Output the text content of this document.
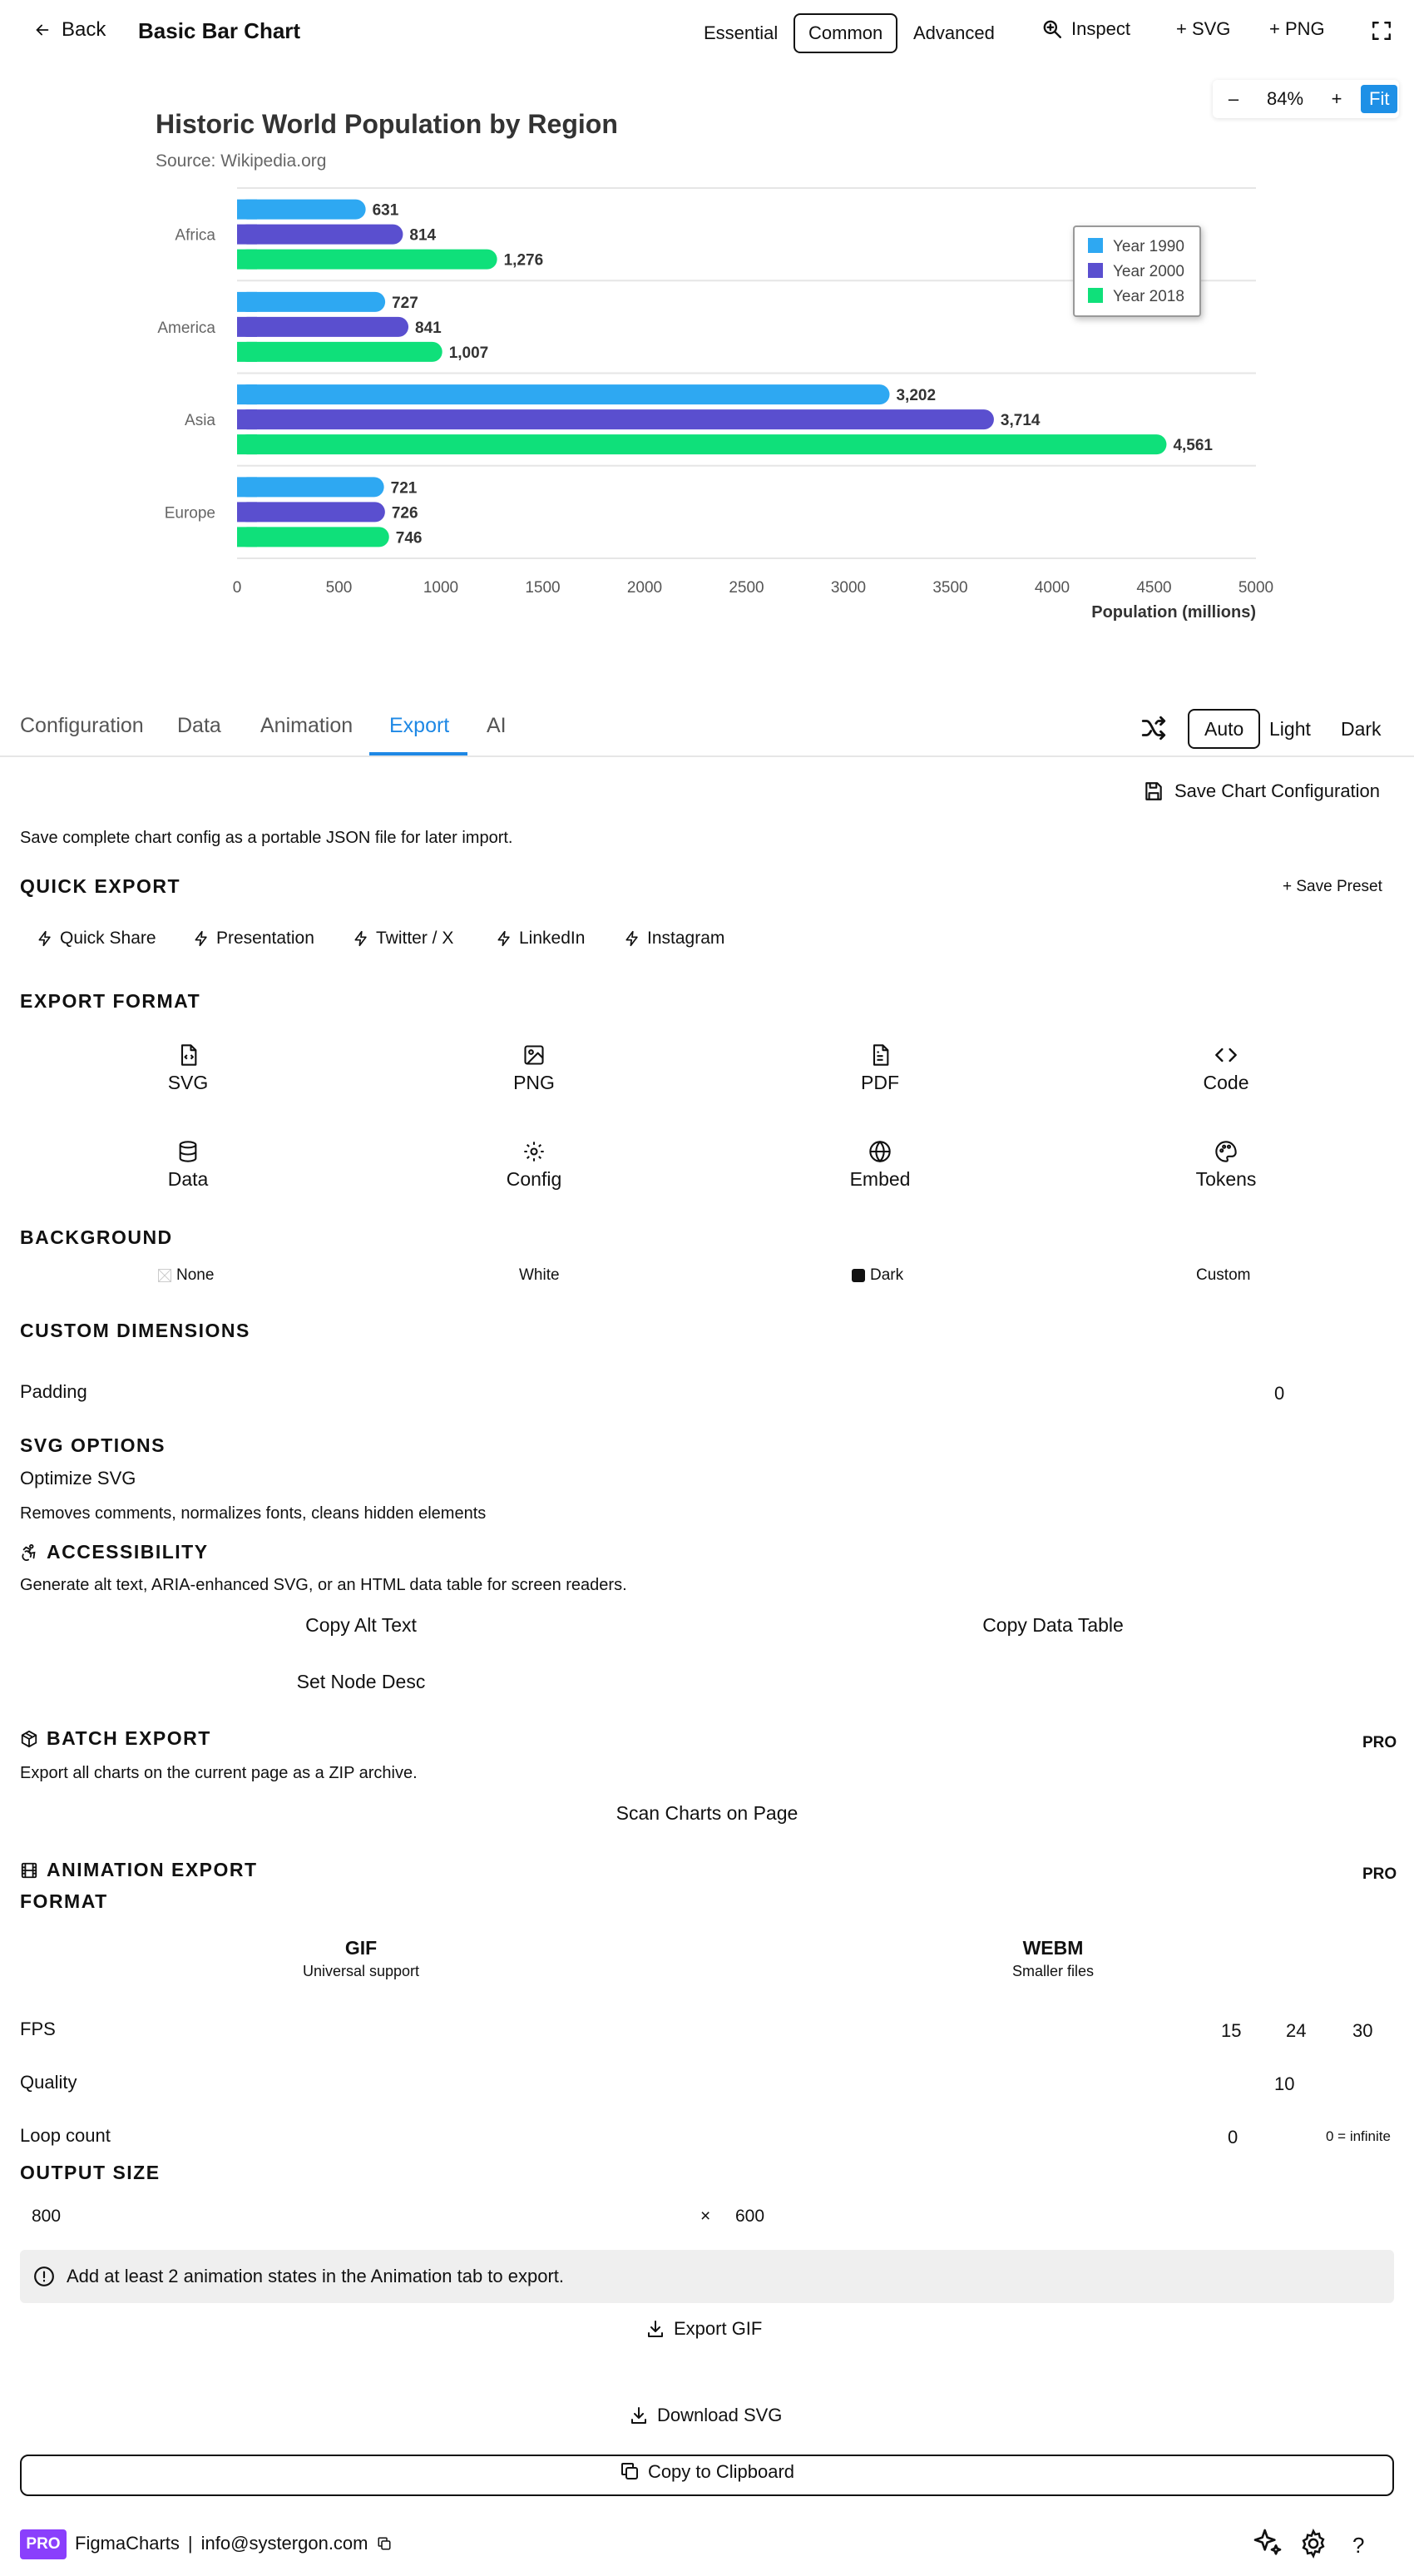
Back Basic Bar Chart	Essential	Common	Advanced	Inspect	+ SVG + PNG
–	84%	+	Fit
Historic World Population by Region
Source: Wikipedia.org
Africa
631
814
1,276
America
727
841
1,007
Asia
3,202
3,714
4,561
Europe
721
726
746
0	500	1000	1500	2000	2500	3000	3500	4000	4500	5000
Population (millions)
Year 1990
Year 2000
Year 2018
Configuration Data Animation Export AI	Auto	Light	Dark
Save Chart Configuration
Save complete chart config as a portable JSON file for later import.
QUICK EXPORT	+ Save Preset
Quick Share	Presentation	Twitter / X	LinkedIn	Instagram
EXPORT FORMAT
SVG	PNG	PDF	Code
Data	Config	Embed	Tokens
BACKGROUND
None	White	Dark	Custom
CUSTOM DIMENSIONS
Padding	0
SVG OPTIONS
Optimize SVG
Removes comments, normalizes fonts, cleans hidden elements
ACCESSIBILITY
Generate alt text, ARIA-enhanced SVG, or an HTML data table for screen readers.
Copy Alt Text	Copy Data Table
Set Node Desc
BATCH EXPORT	PRO
Export all charts on the current page as a ZIP archive.
Scan Charts on Page
ANIMATION EXPORT	PRO
FORMAT
GIF
Universal support
WEBM
Smaller files
FPS	15 24	30
Quality	10
Loop count	0	0 = infinite
OUTPUT SIZE
800	× 600
Add at least 2 animation states in the Animation tab to export.
Export GIF
Download SVG
Copy to Clipboard
PRO FigmaCharts | info@systergon.com	?
